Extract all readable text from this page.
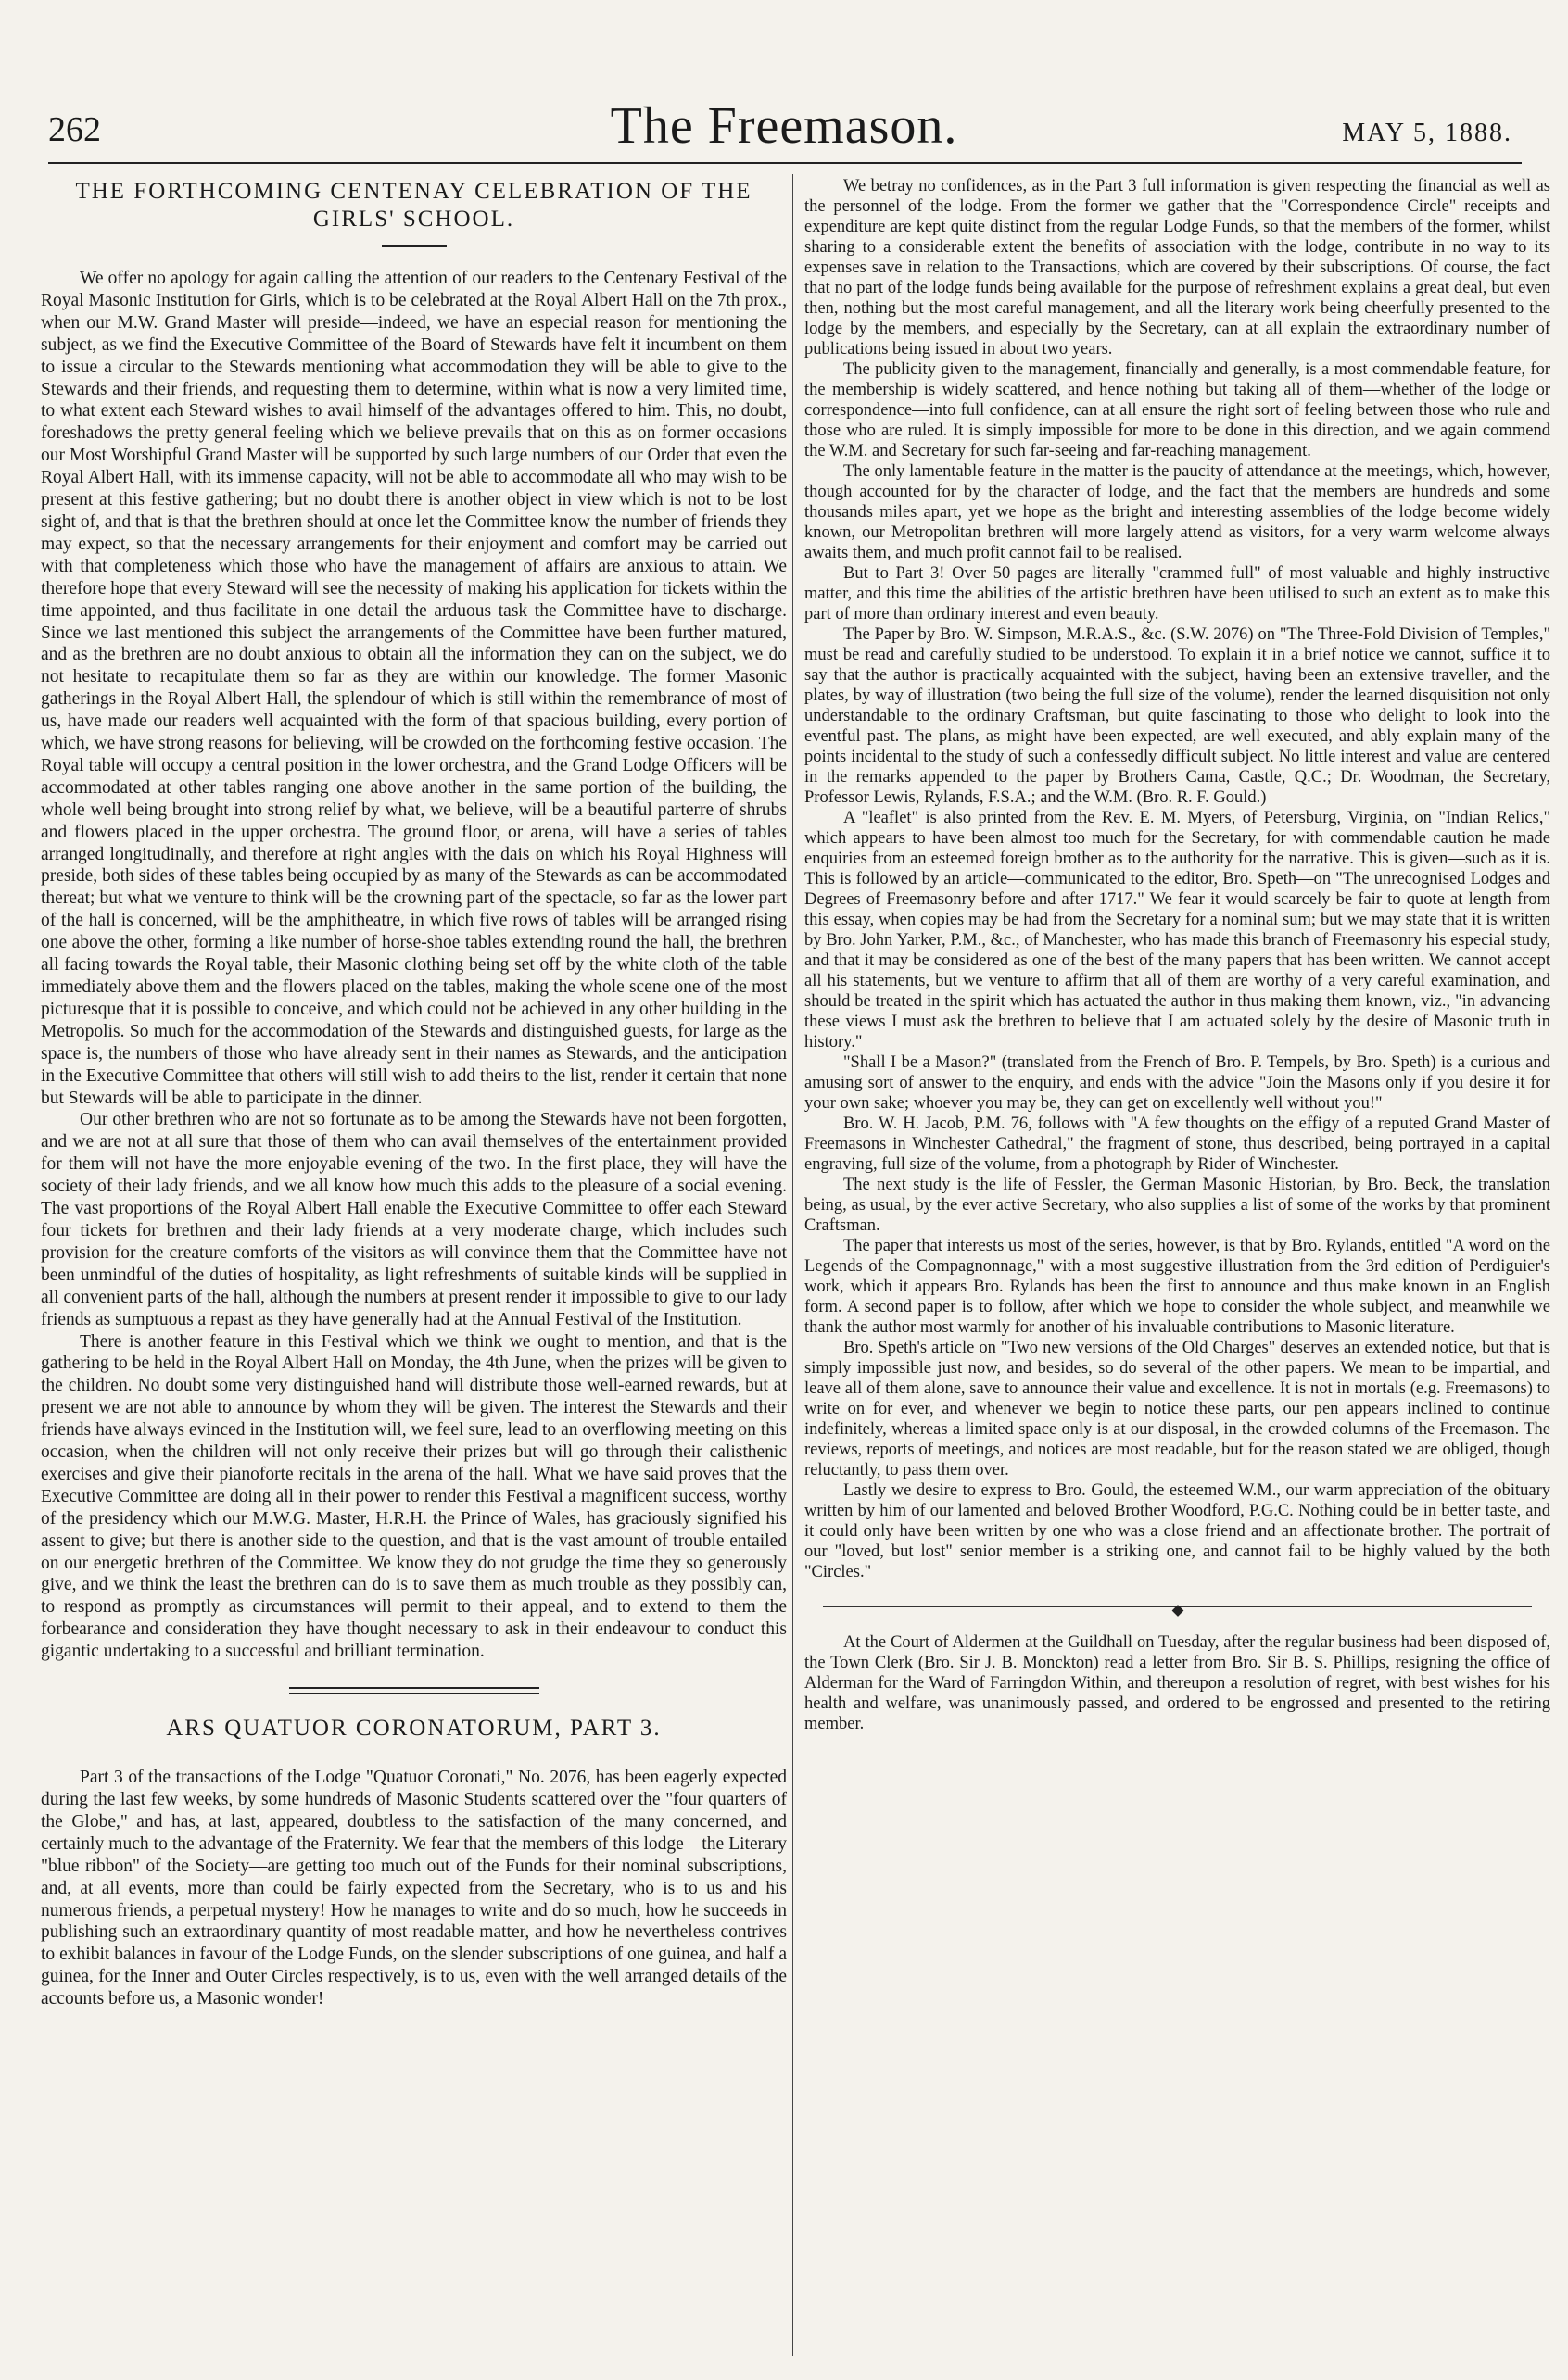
262	The Freemason.	MAY 5, 1888.
THE FORTHCOMING CENTENAY CELEBRATION OF THE GIRLS' SCHOOL.

We offer no apology for again calling the attention of our readers to the Centenary Festival of the Royal Masonic Institution for Girls, which is to be celebrated at the Royal Albert Hall on the 7th prox., when our M.W. Grand Master will preside—indeed, we have an especial reason for mentioning the subject, as we find the Executive Committee of the Board of Stewards have felt it incumbent on them to issue a circular to the Stewards mentioning what accommodation they will be able to give to the Stewards and their friends, and requesting them to determine, within what is now a very limited time, to what extent each Steward wishes to avail himself of the advantages offered to him. This, no doubt, foreshadows the pretty general feeling which we believe prevails that on this as on former occasions our Most Worshipful Grand Master will be supported by such large numbers of our Order that even the Royal Albert Hall, with its immense capacity, will not be able to accommodate all who may wish to be present at this festive gathering; but no doubt there is another object in view which is not to be lost sight of, and that is that the brethren should at once let the Committee know the number of friends they may expect, so that the necessary arrangements for their enjoyment and comfort may be carried out with that completeness which those who have the management of affairs are anxious to attain. We therefore hope that every Steward will see the necessity of making his application for tickets within the time appointed, and thus facilitate in one detail the arduous task the Committee have to discharge. Since we last mentioned this subject the arrangements of the Committee have been further matured, and as the brethren are no doubt anxious to obtain all the information they can on the subject, we do not hesitate to recapitulate them so far as they are within our knowledge. The former Masonic gatherings in the Royal Albert Hall, the splendour of which is still within the remembrance of most of us, have made our readers well acquainted with the form of that spacious building, every portion of which, we have strong reasons for believing, will be crowded on the forthcoming festive occasion. The Royal table will occupy a central position in the lower orchestra, and the Grand Lodge Officers will be accommodated at other tables ranging one above another in the same portion of the building, the whole well being brought into strong relief by what, we believe, will be a beautiful parterre of shrubs and flowers placed in the upper orchestra. The ground floor, or arena, will have a series of tables arranged longitudinally, and therefore at right angles with the dais on which his Royal Highness will preside, both sides of these tables being occupied by as many of the Stewards as can be accommodated thereat; but what we venture to think will be the crowning part of the spectacle, so far as the lower part of the hall is concerned, will be the amphitheatre, in which five rows of tables will be arranged rising one above the other, forming a like number of horse-shoe tables extending round the hall, the brethren all facing towards the Royal table, their Masonic clothing being set off by the white cloth of the table immediately above them and the flowers placed on the tables, making the whole scene one of the most picturesque that it is possible to conceive, and which could not be achieved in any other building in the Metropolis. So much for the accommodation of the Stewards and distinguished guests, for large as the space is, the numbers of those who have already sent in their names as Stewards, and the anticipation in the Executive Committee that others will still wish to add theirs to the list, render it certain that none but Stewards will be able to participate in the dinner.

Our other brethren who are not so fortunate as to be among the Stewards have not been forgotten, and we are not at all sure that those of them who can avail themselves of the entertainment provided for them will not have the more enjoyable evening of the two. In the first place, they will have the society of their lady friends, and we all know how much this adds to the pleasure of a social evening. The vast proportions of the Royal Albert Hall enable the Executive Committee to offer each Steward four tickets for brethren and their lady friends at a very moderate charge, which includes such provision for the creature comforts of the visitors as will convince them that the Committee have not been unmindful of the duties of hospitality, as light refreshments of suitable kinds will be supplied in all convenient parts of the hall, although the numbers at present render it impossible to give to our lady friends as sumptuous a repast as they have generally had at the Annual Festival of the Institution.

There is another feature in this Festival which we think we ought to mention, and that is the gathering to be held in the Royal Albert Hall on Monday, the 4th June, when the prizes will be given to the children. No doubt some very distinguished hand will distribute those well-earned rewards, but at present we are not able to announce by whom they will be given. The interest the Stewards and their friends have always evinced in the Institution will, we feel sure, lead to an overflowing meeting on this occasion, when the children will not only receive their prizes but will go through their calisthenic exercises and give their pianoforte recitals in the arena of the hall. What we have said proves that the Executive Committee are doing all in their power to render this Festival a magnificent success, worthy of the presidency which our M.W.G. Master, H.R.H. the Prince of Wales, has graciously signified his assent to give; but there is another side to the question, and that is the vast amount of trouble entailed on our energetic brethren of the Committee. We know they do not grudge the time they so generously give, and we think the least the brethren can do is to save them as much trouble as they possibly can, to respond as promptly as circumstances will permit to their appeal, and to extend to them the forbearance and consideration they have thought necessary to ask in their endeavour to conduct this gigantic undertaking to a successful and brilliant termination.

ARS QUATUOR CORONATORUM, PART 3.

Part 3 of the transactions of the Lodge "Quatuor Coronati," No. 2076, has been eagerly expected during the last few weeks, by some hundreds of Masonic Students scattered over the "four quarters of the Globe," and has, at last, appeared, doubtless to the satisfaction of the many concerned, and certainly much to the advantage of the Fraternity. We fear that the members of this lodge—the Literary "blue ribbon" of the Society—are getting too much out of the Funds for their nominal subscriptions, and, at all events, more than could be fairly expected from the Secretary, who is to us and his numerous friends, a perpetual mystery! How he manages to write and do so much, how he succeeds in publishing such an extraordinary quantity of most readable matter, and how he nevertheless contrives to exhibit balances in favour of the Lodge Funds, on the slender subscriptions of one guinea, and half a guinea, for the Inner and Outer Circles respectively, is to us, even with the well arranged details of the accounts before us, a Masonic wonder!

We betray no confidences, as in the Part 3 full information is given respecting the financial as well as the personnel of the lodge. From the former we gather that the "Correspondence Circle" receipts and expenditure are kept quite distinct from the regular Lodge Funds, so that the members of the former, whilst sharing to a considerable extent the benefits of association with the lodge, contribute in no way to its expenses save in relation to the Transactions, which are covered by their subscriptions. Of course, the fact that no part of the lodge funds being available for the purpose of refreshment explains a great deal, but even then, nothing but the most careful management, and all the literary work being cheerfully presented to the lodge by the members, and especially by the Secretary, can at all explain the extraordinary number of publications being issued in about two years.

The publicity given to the management, financially and generally, is a most commendable feature, for the membership is widely scattered, and hence nothing but taking all of them—whether of the lodge or correspondence—into full confidence, can at all ensure the right sort of feeling between those who rule and those who are ruled. It is simply impossible for more to be done in this direction, and we again commend the W.M. and Secretary for such far-seeing and far-reaching management.

The only lamentable feature in the matter is the paucity of attendance at the meetings, which, however, though accounted for by the character of lodge, and the fact that the members are hundreds and some thousands miles apart, yet we hope as the bright and interesting assemblies of the lodge become widely known, our Metropolitan brethren will more largely attend as visitors, for a very warm welcome always awaits them, and much profit cannot fail to be realised.

But to Part 3! Over 50 pages are literally "crammed full" of most valuable and highly instructive matter, and this time the abilities of the artistic brethren have been utilised to such an extent as to make this part of more than ordinary interest and even beauty.

The Paper by Bro. W. Simpson, M.R.A.S., &c. (S.W. 2076) on "The Three-Fold Division of Temples," must be read and carefully studied to be understood. To explain it in a brief notice we cannot, suffice it to say that the author is practically acquainted with the subject, having been an extensive traveller, and the plates, by way of illustration (two being the full size of the volume), render the learned disquisition not only understandable to the ordinary Craftsman, but quite fascinating to those who delight to look into the eventful past. The plans, as might have been expected, are well executed, and ably explain many of the points incidental to the study of such a confessedly difficult subject. No little interest and value are centered in the remarks appended to the paper by Brothers Cama, Castle, Q.C.; Dr. Woodman, the Secretary, Professor Lewis, Rylands, F.S.A.; and the W.M. (Bro. R. F. Gould.)

A "leaflet" is also printed from the Rev. E. M. Myers, of Petersburg, Virginia, on "Indian Relics," which appears to have been almost too much for the Secretary, for with commendable caution he made enquiries from an esteemed foreign brother as to the authority for the narrative. This is given—such as it is. This is followed by an article—communicated to the editor, Bro. Speth—on "The unrecognised Lodges and Degrees of Freemasonry before and after 1717." We fear it would scarcely be fair to quote at length from this essay, when copies may be had from the Secretary for a nominal sum; but we may state that it is written by Bro. John Yarker, P.M., &c., of Manchester, who has made this branch of Freemasonry his especial study, and that it may be considered as one of the best of the many papers that has been written. We cannot accept all his statements, but we venture to affirm that all of them are worthy of a very careful examination, and should be treated in the spirit which has actuated the author in thus making them known, viz., "in advancing these views I must ask the brethren to believe that I am actuated solely by the desire of Masonic truth in history."

"Shall I be a Mason?" (translated from the French of Bro. P. Tempels, by Bro. Speth) is a curious and amusing sort of answer to the enquiry, and ends with the advice "Join the Masons only if you desire it for your own sake; whoever you may be, they can get on excellently well without you!"

Bro. W. H. Jacob, P.M. 76, follows with "A few thoughts on the effigy of a reputed Grand Master of Freemasons in Winchester Cathedral," the fragment of stone, thus described, being portrayed in a capital engraving, full size of the volume, from a photograph by Rider of Winchester.

The next study is the life of Fessler, the German Masonic Historian, by Bro. Beck, the translation being, as usual, by the ever active Secretary, who also supplies a list of some of the works by that prominent Craftsman.

The paper that interests us most of the series, however, is that by Bro. Rylands, entitled "A word on the Legends of the Compagnonnage," with a most suggestive illustration from the 3rd edition of Perdiguier's work, which it appears Bro. Rylands has been the first to announce and thus make known in an English form. A second paper is to follow, after which we hope to consider the whole subject, and meanwhile we thank the author most warmly for another of his invaluable contributions to Masonic literature.

Bro. Speth's article on "Two new versions of the Old Charges" deserves an extended notice, but that is simply impossible just now, and besides, so do several of the other papers. We mean to be impartial, and leave all of them alone, save to announce their value and excellence. It is not in mortals (e.g. Freemasons) to write on for ever, and whenever we begin to notice these parts, our pen appears inclined to continue indefinitely, whereas a limited space only is at our disposal, in the crowded columns of the Freemason. The reviews, reports of meetings, and notices are most readable, but for the reason stated we are obliged, though reluctantly, to pass them over.

Lastly we desire to express to Bro. Gould, the esteemed W.M., our warm appreciation of the obituary written by him of our lamented and beloved Brother Woodford, P.G.C. Nothing could be in better taste, and it could only have been written by one who was a close friend and an affectionate brother. The portrait of our "loved, but lost" senior member is a striking one, and cannot fail to be highly valued by the both "Circles."

At the Court of Aldermen at the Guildhall on Tuesday, after the regular business had been disposed of, the Town Clerk (Bro. Sir J. B. Monckton) read a letter from Bro. Sir B. S. Phillips, resigning the office of Alderman for the Ward of Farringdon Within, and thereupon a resolution of regret, with best wishes for his health and welfare, was unanimously passed, and ordered to be engrossed and presented to the retiring member.
